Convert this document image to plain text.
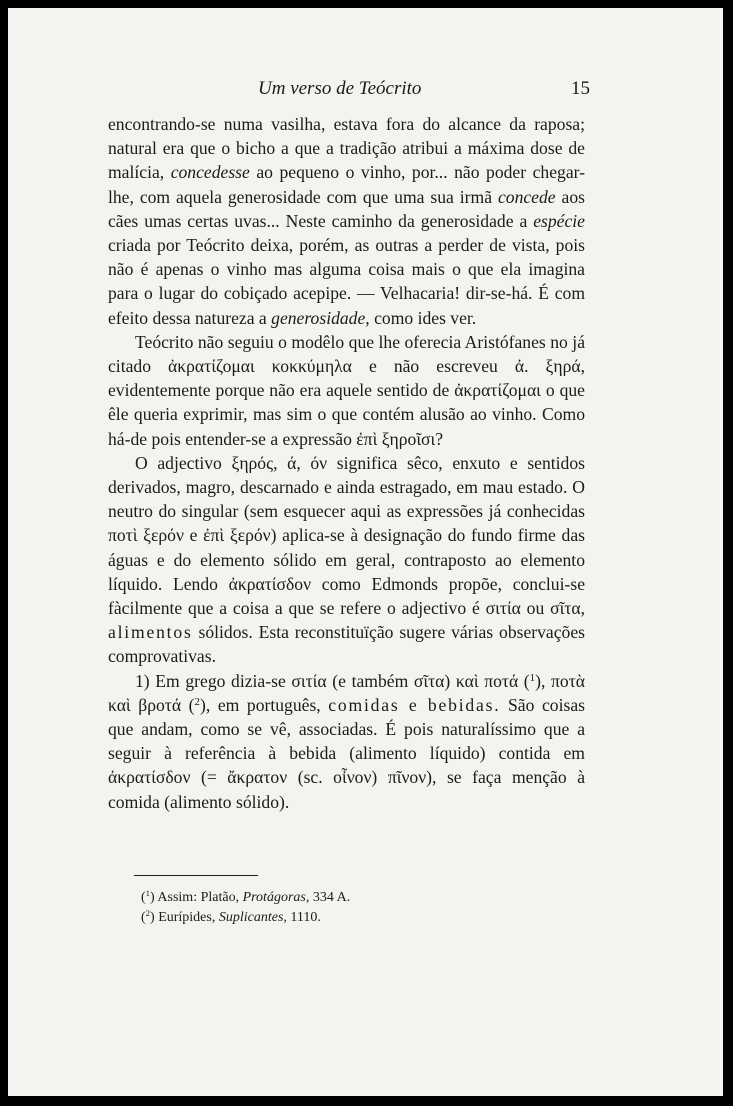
Um verso de Teócrito	15

encontrando-se numa vasilha, estava fora do alcance da raposa; natural era que o bicho a que a tradição atribui a máxima dose de malícia, concedesse ao pequeno o vinho, por... não poder chegar-lhe, com aquela generosidade com que uma sua irmã concede aos cães umas certas uvas... Neste caminho da generosidade a espécie criada por Teócrito deixa, porém, as outras a perder de vista, pois não é apenas o vinho mas alguma coisa mais o que ela imagina para o lugar do cobiçado acepipe. — Velhacaria! dir-se-há. É com efeito dessa natureza a generosidade, como ides ver.

Teócrito não seguiu o modêlo que lhe oferecia Aristófanes no já citado ἀκρατίζομαι κοκκύμηλα e não escreveu ἀ. ξηρά, evidentemente porque não era aquele sentido de ἀκρατίζομαι o que êle queria exprimir, mas sim o que contém alusão ao vinho. Como há-de pois entender-se a expressão ἐπὶ ξηροῖσι?

O adjectivo ξηρός, ά, όν significa sêco, enxuto e sentidos derivados, magro, descarnado e ainda estragado, em mau estado. O neutro do singular (sem esquecer aqui as expressões já conhecidas ποτὶ ξερόν e ἐπὶ ξερόν) aplica-se à designação do fundo firme das águas e do elemento sólido em geral, contraposto ao elemento líquido. Lendo ἀκρατίσδον como Edmonds propõe, conclui-se fàcilmente que a coisa a que se refere o adjectivo é σιτία ou σῖτα, alimentos sólidos. Esta reconstituïção sugere várias observações comprovativas.

1) Em grego dizia-se σιτία (e também σῖτα) καὶ ποτά ($^1$), ποτὰ καὶ βροτά ($^2$), em português, comidas e bebidas. São coisas que andam, como se vê, associadas. É pois naturalíssimo que a seguir à referência à bebida (alimento líquido) contida em ἀκρατίσδον (= ἄκρατον (sc. οἶνον) πῖνον), se faça menção à comida (alimento sólido).

($^1$) Assim: Platão, Protágoras, 334 A.
($^2$) Eurípides, Suplicantes, 1110.
